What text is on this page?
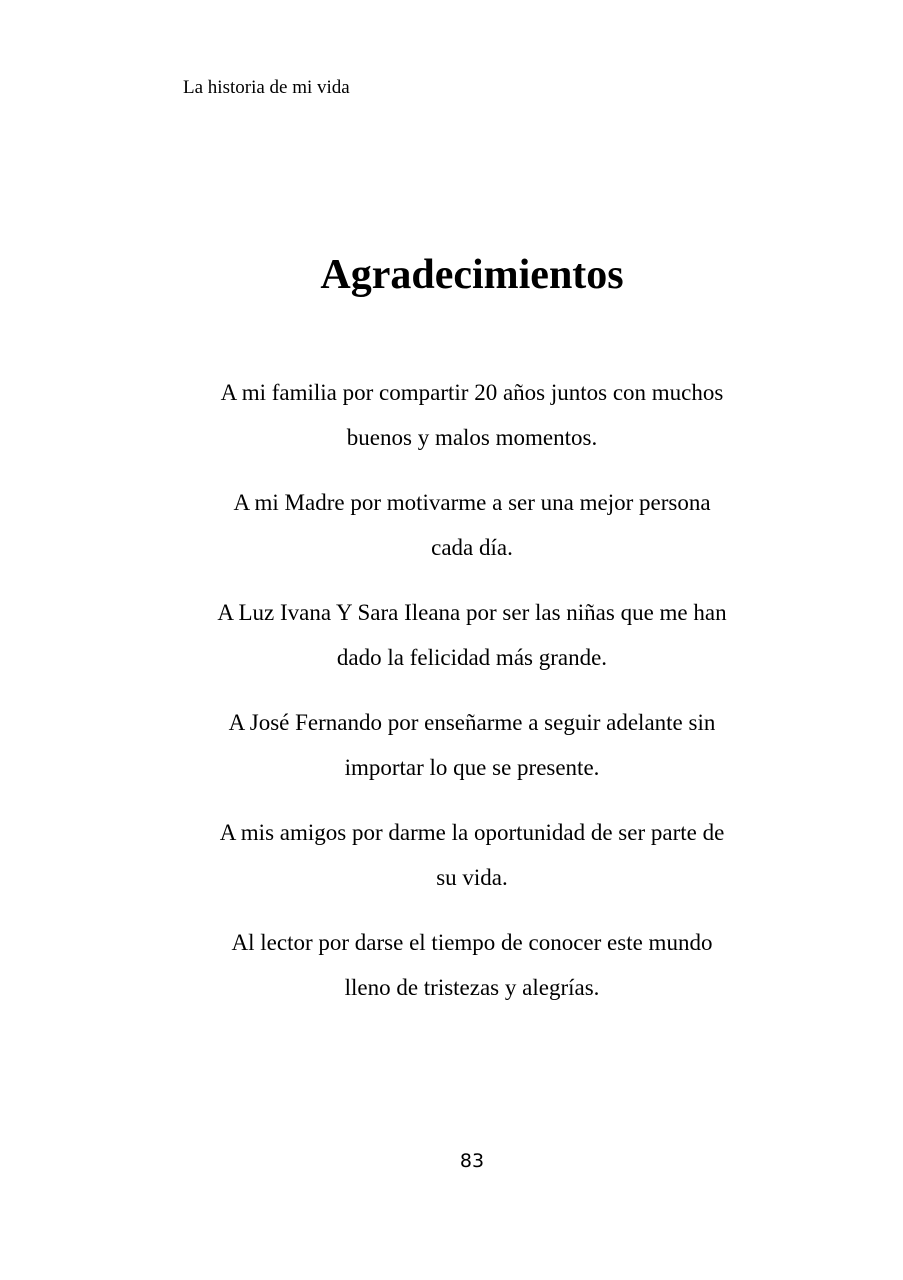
La historia de mi vida
Agradecimientos

A mi familia por compartir 20 años juntos con muchos
buenos y malos momentos.

A mi Madre por motivarme a ser una mejor persona
cada día.

A Luz Ivana Y Sara Ileana por ser las niñas que me han
dado la felicidad más grande.

A José Fernando por enseñarme a seguir adelante sin
importar lo que se presente.

A mis amigos por darme la oportunidad de ser parte de
su vida.

Al lector por darse el tiempo de conocer este mundo
lleno de tristezas y alegrías.

83
